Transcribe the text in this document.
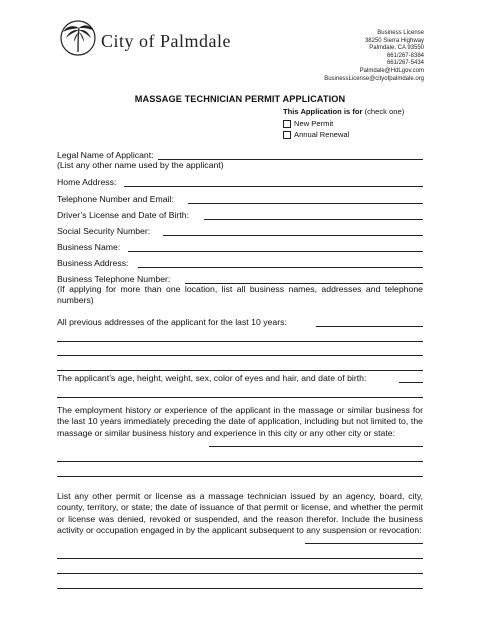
City of Palmdale	Business License
38250 Sierra Highway
Palmdale, CA 93550
661/267-8384
661/267-5434
Palmdale@HdLgov.com
BusinessLicense@cityofpalmdale.org
MASSAGE TECHNICIAN PERMIT APPLICATION
This Application is for (check one)
New Permit
Annual Renewal
Legal Name of Applicant:
(List any other name used by the applicant)
Home Address:
Telephone Number and Email:
Driver’s License and Date of Birth:
Social Security Number:
Business Name:
Business Address:
Business Telephone Number:
(If applying for more than one location, list all business names, addresses and telephone numbers)
All previous addresses of the applicant for the last 10 years:
The applicant’s age, height, weight, sex, color of eyes and hair, and date of birth:
The employment history or experience of the applicant in the massage or similar business for the last 10 years immediately preceding the date of application, including but not limited to, the massage or similar business history and experience in this city or any other city or state:
List any other permit or license as a massage technician issued by an agency, board, city, county, territory, or state; the date of issuance of that permit or license, and whether the permit or license was denied, revoked or suspended, and the reason therefor. Include the business activity or occupation engaged in by the applicant subsequent to any suspension or revocation:
